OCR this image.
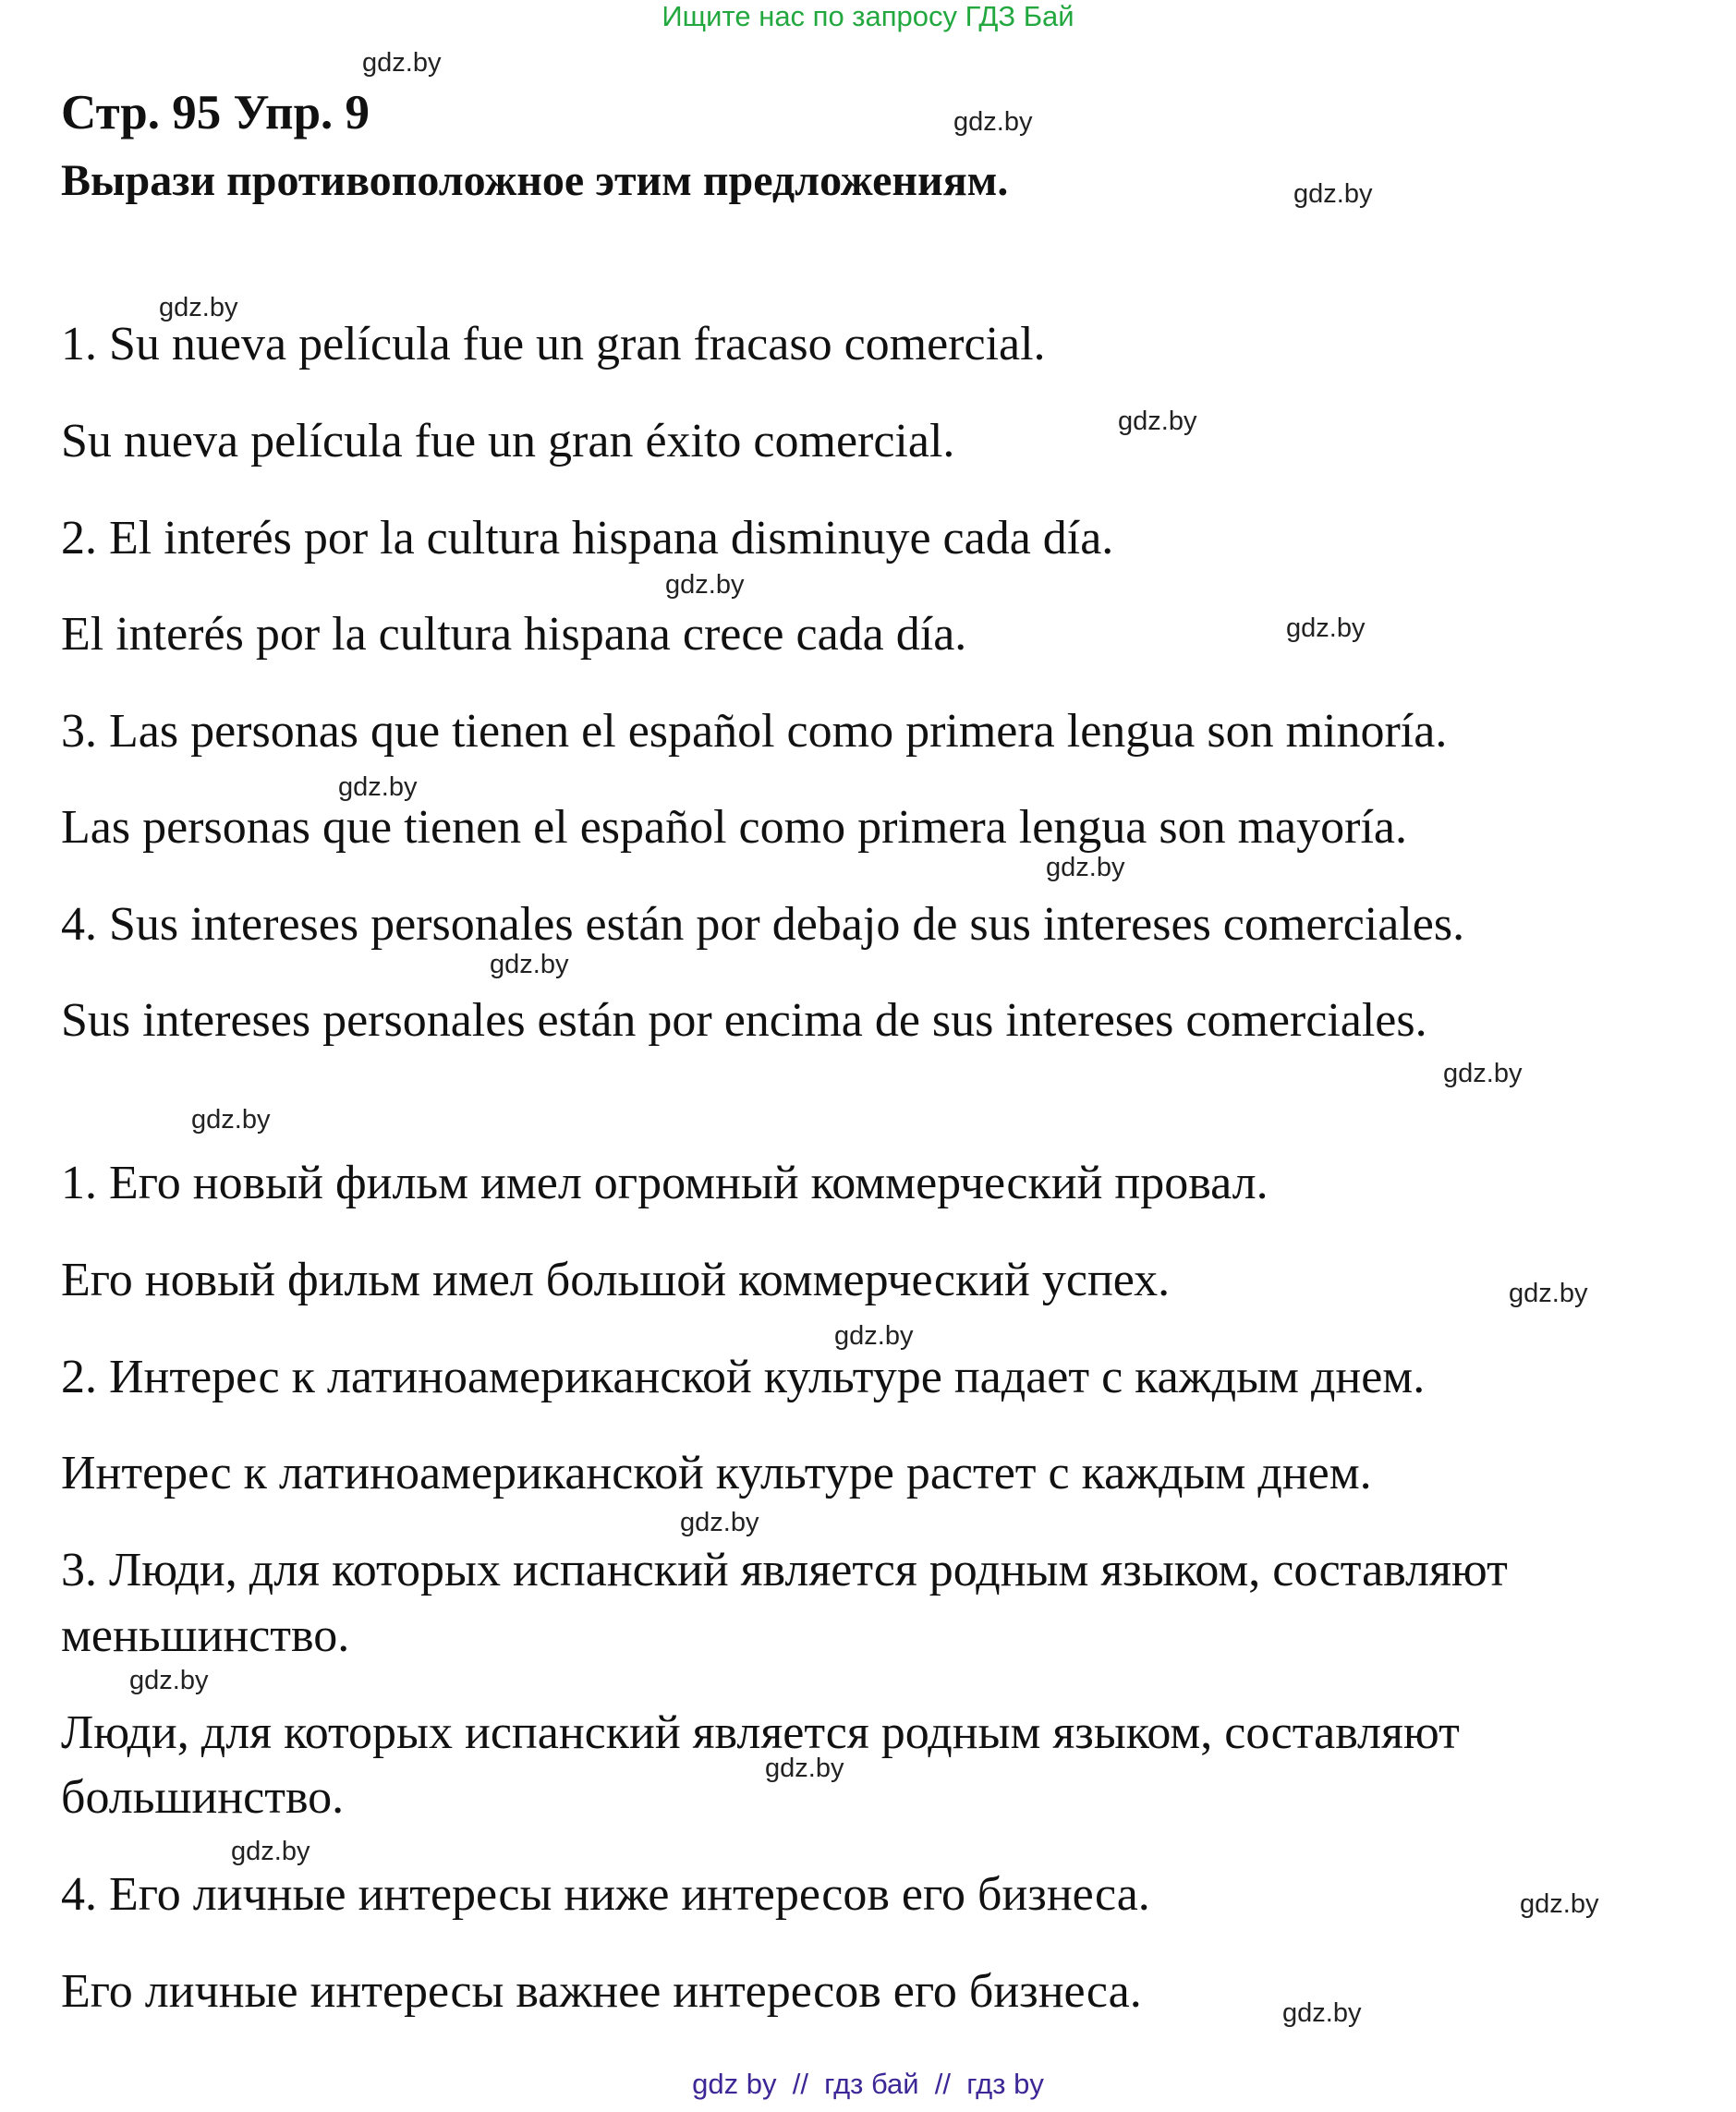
Ищите нас по запросу ГДЗ Бай
Стр. 95 Упр. 9
Вырази противоположное этим предложениям.
1. Su nueva película fue un gran fracaso comercial.
Su nueva película fue un gran éxito comercial.
2. El interés por la cultura hispana disminuye cada día.
El interés por la cultura hispana crece cada día.
3. Las personas que tienen el español como primera lengua son minoría.
Las personas que tienen el español como primera lengua son mayoría.
4. Sus intereses personales están por debajo de sus intereses comerciales.
Sus intereses personales están por encima de sus intereses comerciales.
1. Его новый фильм имел огромный коммерческий провал.
Его новый фильм имел большой коммерческий успех.
2. Интерес к латиноамериканской культуре падает с каждым днем.
Интерес к латиноамериканской культуре растет с каждым днем.
3. Люди, для которых испанский является родным языком, составляют
меньшинство.
Люди, для которых испанский является родным языком, составляют
большинство.
4. Его личные интересы ниже интересов его бизнеса.
Его личные интересы важнее интересов его бизнеса.
gdz.by
gdz.by
gdz.by
gdz.by
gdz.by
gdz.by
gdz.by
gdz.by
gdz.by
gdz.by
gdz.by
gdz.by
gdz.by
gdz.by
gdz.by
gdz.by
gdz.by
gdz.by
gdz.by
gdz.by
gdz by  //  гдз бай  //  гдз by
